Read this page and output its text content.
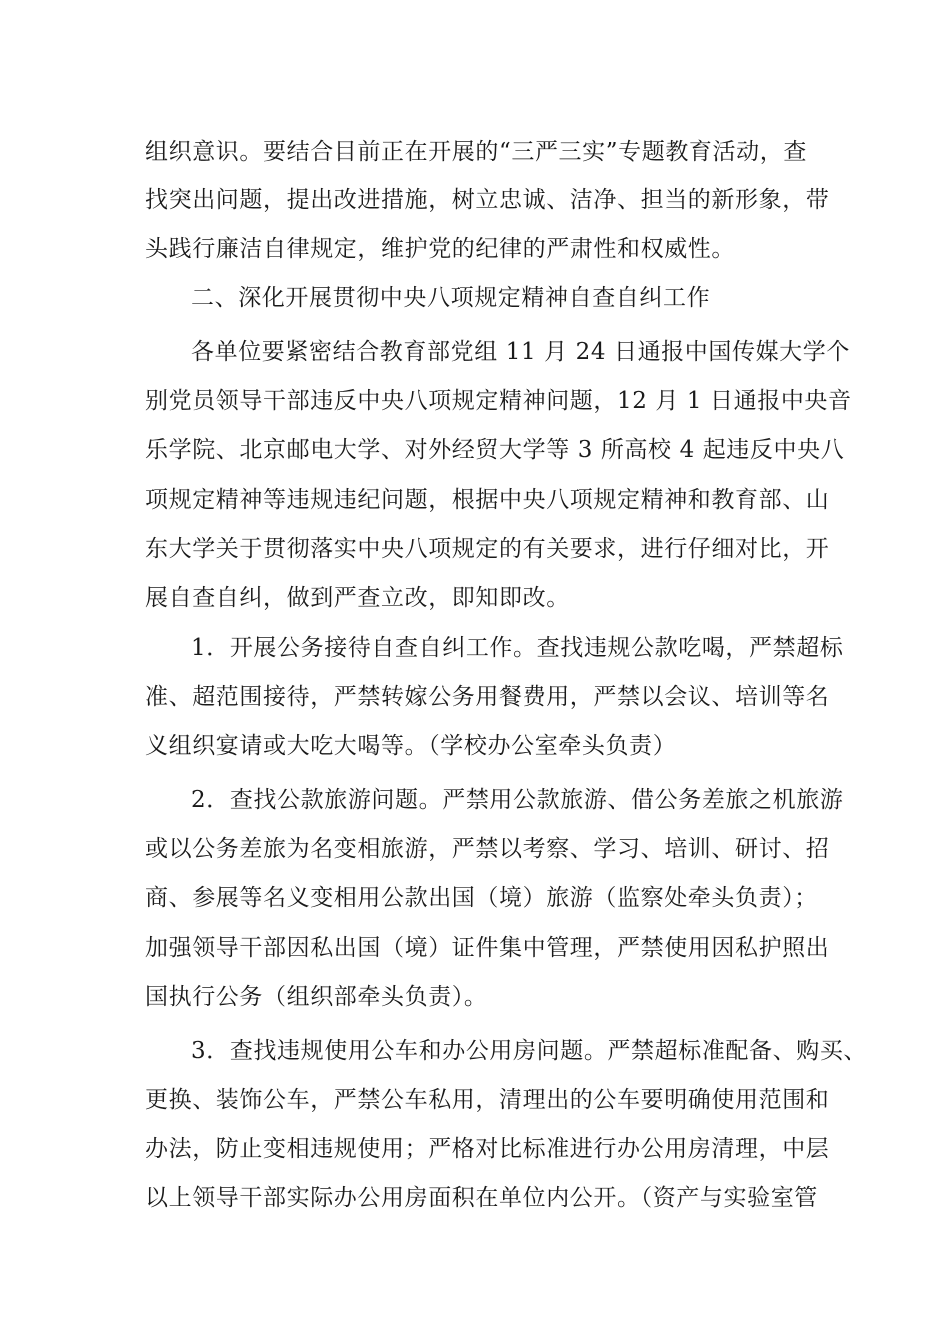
组织意识。要结合目前正在开展的“三严三实”专题教育活动，查
找突出问题，提出改进措施，树立忠诚、洁净、担当的新形象，带
头践行廉洁自律规定，维护党的纪律的严肃性和权威性。
二、深化开展贯彻中央八项规定精神自查自纠工作
各单位要紧密结合教育部党组 11 月 24 日通报中国传媒大学个
别党员领导干部违反中央八项规定精神问题，12 月 1 日通报中央音
乐学院、北京邮电大学、对外经贸大学等 3 所高校 4 起违反中央八
项规定精神等违规违纪问题，根据中央八项规定精神和教育部、山
东大学关于贯彻落实中央八项规定的有关要求，进行仔细对比，开
展自查自纠，做到严查立改，即知即改。
1．开展公务接待自查自纠工作。查找违规公款吃喝，严禁超标
准、超范围接待，严禁转嫁公务用餐费用，严禁以会议、培训等名
义组织宴请或大吃大喝等。（学校办公室牵头负责）
2．查找公款旅游问题。严禁用公款旅游、借公务差旅之机旅游
或以公务差旅为名变相旅游，严禁以考察、学习、培训、研讨、招
商、参展等名义变相用公款出国（境）旅游（监察处牵头负责）；
加强领导干部因私出国（境）证件集中管理，严禁使用因私护照出
国执行公务（组织部牵头负责）。
3．查找违规使用公车和办公用房问题。严禁超标准配备、购买、
更换、装饰公车，严禁公车私用，清理出的公车要明确使用范围和
办法，防止变相违规使用；严格对比标准进行办公用房清理，中层
以上领导干部实际办公用房面积在单位内公开。（资产与实验室管
